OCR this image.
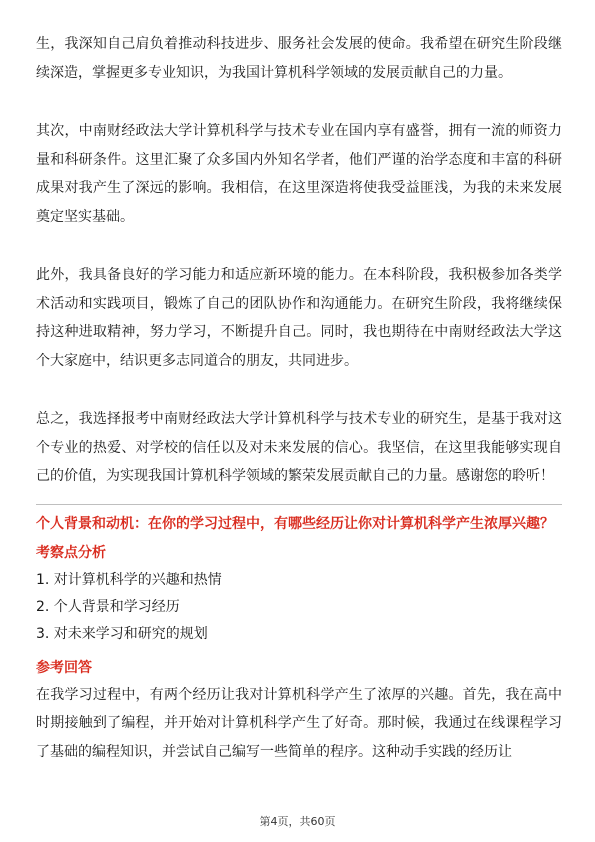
生，我深知自己肩负着推动科技进步、服务社会发展的使命。我希望在研究生阶段继续深造，掌握更多专业知识，为我国计算机科学领域的发展贡献自己的力量。

其次，中南财经政法大学计算机科学与技术专业在国内享有盛誉，拥有一流的师资力量和科研条件。这里汇聚了众多国内外知名学者，他们严谨的治学态度和丰富的科研成果对我产生了深远的影响。我相信，在这里深造将使我受益匪浅，为我的未来发展奠定坚实基础。

此外，我具备良好的学习能力和适应新环境的能力。在本科阶段，我积极参加各类学术活动和实践项目，锻炼了自己的团队协作和沟通能力。在研究生阶段，我将继续保持这种进取精神，努力学习，不断提升自己。同时，我也期待在中南财经政法大学这个大家庭中，结识更多志同道合的朋友，共同进步。

总之，我选择报考中南财经政法大学计算机科学与技术专业的研究生，是基于我对这个专业的热爱、对学校的信任以及对未来发展的信心。我坚信，在这里我能够实现自己的价值，为实现我国计算机科学领域的繁荣发展贡献自己的力量。感谢您的聆听！

个人背景和动机：在你的学习过程中，有哪些经历让你对计算机科学产生浓厚兴趣？

考察点分析

1. 对计算机科学的兴趣和热情
2. 个人背景和学习经历
3. 对未来学习和研究的规划

参考回答

在我学习过程中，有两个经历让我对计算机科学产生了浓厚的兴趣。首先，我在高中时期接触到了编程，并开始对计算机科学产生了好奇。那时候，我通过在线课程学习了基础的编程知识，并尝试自己编写一些简单的程序。这种动手实践的经历让

第4页，共60页
